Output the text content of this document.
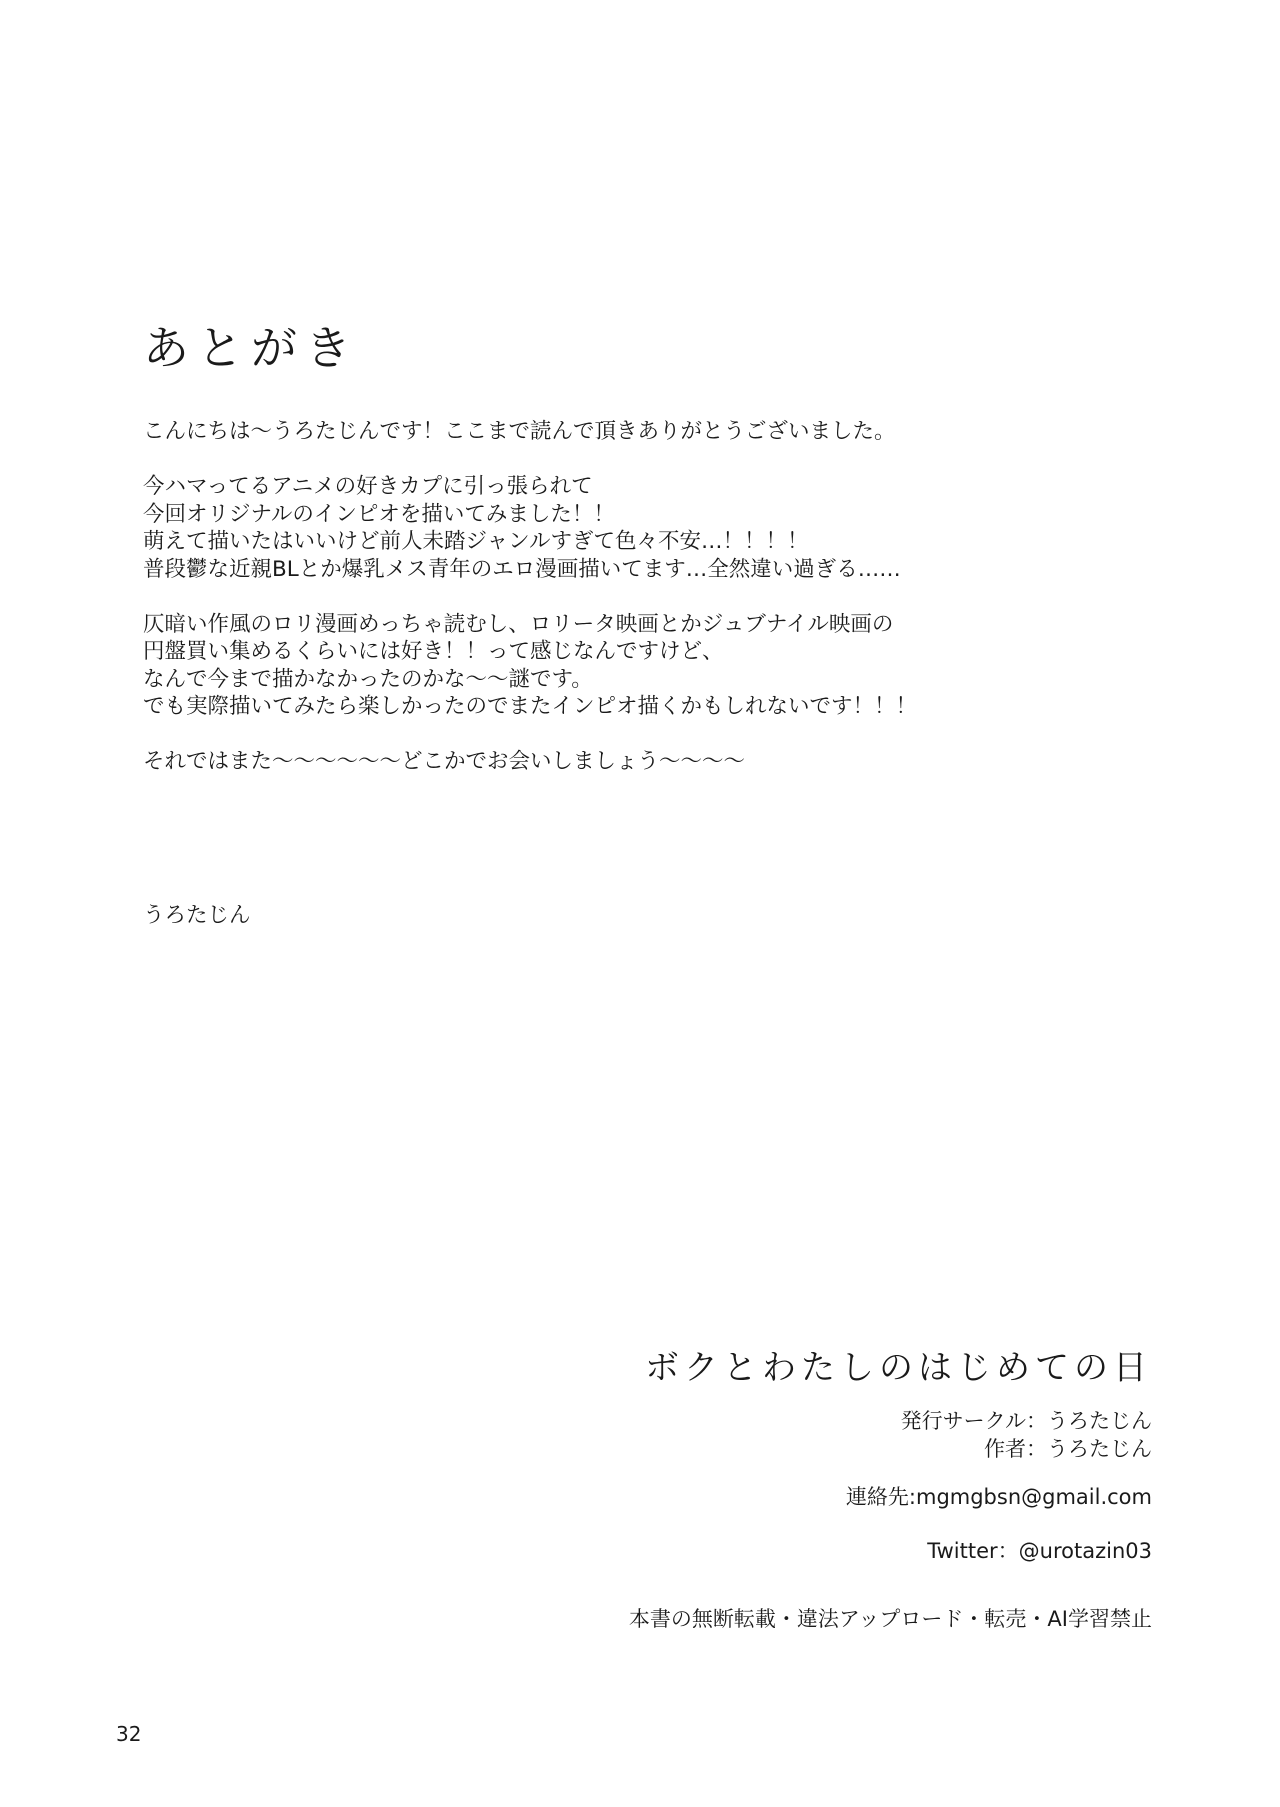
あとがき

こんにちは〜うろたじんです！ここまで読んで頂きありがとうございました。

今ハマってるアニメの好きカプに引っ張られて
今回オリジナルのインピオを描いてみました！！
萌えて描いたはいいけど前人未踏ジャンルすぎて色々不安…！！！！
普段鬱な近親BLとか爆乳メス青年のエロ漫画描いてます…全然違い過ぎる……

仄暗い作風のロリ漫画めっちゃ読むし、ロリータ映画とかジュブナイル映画の
円盤買い集めるくらいには好き！！って感じなんですけど、
なんで今まで描かなかったのかな〜〜謎です。
でも実際描いてみたら楽しかったのでまたインピオ描くかもしれないです！！！

それではまた〜〜〜〜〜〜どこかでお会いしましょう〜〜〜〜

うろたじん
ボクとわたしのはじめての日
発行サークル：うろたじん
作者：うろたじん
連絡先:mgmgbsn@gmail.com
Twitter：@urotazin03
本書の無断転載・違法アップロード・転売・AI学習禁止
32
